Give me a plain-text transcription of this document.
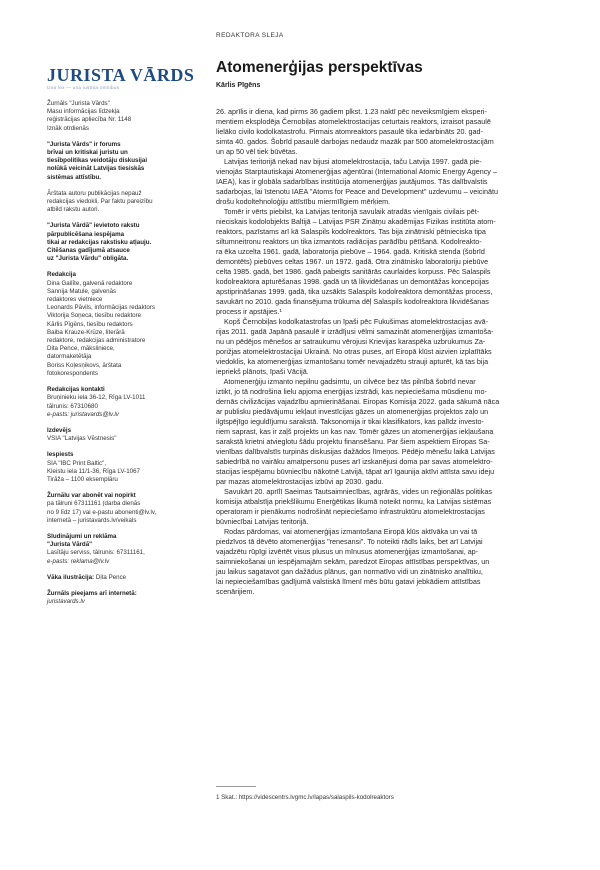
REDAKTORA SLEJA
JURISTA VĀRDS
Una lex — una iustitia omnibus
Žurnāls "Jurista Vārds"
Masu informācijas līdzekļa
reģistrācijas apliecība Nr. 1148
Iznāk otrdienās
"Jurista Vārds" ir forums
brīvai un kritiskai juristu un
tiesībpolitikas veidotāju diskusijai
nolūkā veicināt Latvijas tiesiskās
sistēmas attīstību.
Ārštata autoru publikācijas nepauž
redakcijas viedokli. Par faktu pareizību
atbild rakstu autori.
"Jurista Vārdā" ievietoto rakstu
pārpublicēšana iespējama
tikai ar redakcijas rakstisku atļauju.
Citēšanas gadījumā atsauce
uz "Jurista Vārdu" obligāta.
Redakcija
Dina Gailīte, galvenā redaktore
Sannija Matule, galvenās
redaktores vietniece
Leonards Pāvils, informācijas redaktors
Viktorija Soņeca, tiesību redaktore
Kārlis Pīgēns, tiesību redaktors
Baiba Krauze-Krūze, literārā
redaktore, redakcijas administratore
Dita Pence, māksliniece,
datormaketētāja
Boriss Koļesņikovs, ārštata
fotokorespondents
Redakcijas kontakti
Bruņinieku iela 36-12, Rīga LV-1011
tālrunis: 67310680
e-pasts: juristavards@lv.lv
Izdevējs
VSIA "Latvijas Vēstnesis"
Iespiests
SIA "IBC Print Baltic",
Kleistu iela 11/1-36, Rīga LV-1067
Tirāža – 1100 eksemplāru
Žurnālu var abonēt vai nopirkt
pa tālruni 67311161 (darba dienās
no 9 līdz 17) vai e-pastu abonenti@lv.lv,
internetā – juristavards.lv/veikals
Sludinājumi un reklāma
"Jurista Vārdā"
Lasītāju serviss, tālrunis: 67311161,
e-pasts: reklama@lv.lv
Vāka ilustrācija: Dita Pence
Žurnāls pieejams arī internetā:
juristavards.lv
Atomenerģijas perspektīvas
Kārlis Pīgēns
26. aprīlis ir diena, kad pirms 36 gadiem plkst. 1.23 naktī pēc neveiksmīgiem eksperi-
mentiem eksplodēja Černobiļas atomelektrostacijas ceturtais reaktors, izraisot pasaulē
lielāko civilo kodolkatastrofu. Pirmais atomreaktors pasaulē tika iedarbināts 20. gad-
simta 40. gados. Šobrīd pasaulē darbojas nedaudz mazāk par 500 atomelektrostacijām
un ap 50 vēl tiek būvētas.
Latvijas teritorijā nekad nav bijusi atomelektrostacija, taču Latvija 1997. gadā pie-
vienojās Starptautiskajai Atomenerģijas aģentūrai (International Atomic Energy Agency –
IAEA), kas ir globāla sadarbības institūcija atomenerģijas jautājumos. Tās dalībvalstis
sadarbojas, lai īstenotu IAEA "Atoms for Peace and Development" uzdevumu – veicinātu
drošu kodoltehnoloģiju attīstību miermīlīgiem mērķiem.
Tomēr ir vērts piebilst, ka Latvijas teritorijā savulaik atradās vienīgais civilais pēt-
nieciskais kodolobjekts Baltijā – Latvijas PSR Zinātņu akadēmijas Fizikas institūta atom-
reaktors, pazīstams arī kā Salaspils kodolreaktors. Tas bija zinātniski pētnieciska tipa
siltumneitronu reaktors un tika izmantots radiācijas parādību pētīšanā. Kodolreakto-
ra ēka uzcelta 1961. gadā, laboratorija piebūve – 1964. gadā. Kritiskā stenda (šobrīd
demontēts) piebūves celtas 1967. un 1972. gadā. Otra zinātnisko laboratoriju piebūve
celta 1985. gadā, bet 1986. gadā pabeigts sanitārās caurlaides korpuss. Pēc Salaspils
kodolreaktora apturēšanas 1998. gadā un tā likvidēšanas un demontāžas koncepcijas
apstiprināšanas 1999. gadā, tika uzsākts Salaspils kodolreaktora demontāžas process,
savukārt no 2010. gada finansējuma trūkuma dēļ Salaspils kodolreaktora likvidēšanas
process ir apstājies.¹
Kopš Černobiļas kodolkatastrofas un īpaši pēc Fukušimas atomelektrostacijas avā-
rijas 2011. gadā Japānā pasaulē ir izrādījusi vēlmi samazināt atomenerģijas izmantoša-
nu un pēdējos mēnešos ar satraukumu vērojusi Krievijas karaspēka uzbrukumus Za-
porižjas atomelektrostacijai Ukrainā. No otras puses, arī Eiropā klūst aizvien izplatītāks
viedoklis, ka atomenerģijas izmantošanu tomēr nevajadzētu strauji apturēt, kā tas bija
iepriekš plānots, īpaši Vācijā.
Atomenerģiju izmanto nepilnu gadsimtu, un cilvēce bez tās pilnībā šobrīd nevar
iztikt, jo tā nodrošina lielu apjoma enerģijas izstrādi, kas nepieciešama mūsdienu mo-
dernās civilizācijas vajadzību apmierināšanai. Eiropas Komisija 2022. gada sākumā nāca
ar publisku piedāvājumu iekļaut investīcijas gāzes un atomenerģijas projektos zaļo un
ilgtspējīgo ieguldījumu sarakstā. Taksonomija ir tikai klasifikators, kas palīdz investo-
riem saprast, kas ir zaļš projekts un kas nav. Tomēr gāzes un atomenerģijas iekļaušana
sarakstā krietni atvieglotu šādu projektu finansēšanu. Par šiem aspektiem Eiropas Sa-
vienības dalībvalstīs turpinās diskusijas dažādos līmeņos. Pēdējo mēnešu laikā Latvijas
sabiedrībā no vairāku amatpersonu puses arī izskanējusi doma par savas atomelektro-
stacijas iespējamu būvniecību nākotnē Latvijā, tāpat arī Igaunija aktīvi attīsta savu ideju
par mazas atomelektrostacijas izbūvi ap 2030. gadu.
Savukārt 20. aprīlī Saeimas Tautsaimniecības, agrārās, vides un reģionālās politikas
komisija atbalstīja priekšlikumu Enerģētikas likumā noteikt normu, ka Latvijas sistēmas
operatoram ir pienākums nodrošināt nepieciešamo infrastruktūru atomelektrostacijas
būvniecībai Latvijas teritorijā.
Rodas pārdomas, vai atomenerģijas izmantošana Eiropā klūs aktīvāka un vai tā
piedzīvos tā dēvēto atomenerģijas "renesansi". To noteikti rādīs laiks, bet arī Latvijai
vajadzētu rūpīgi izvērtēt visus plusus un mīnusus atomenerģijas izmantošanai, ap-
saimniekošanai un iespējamajām sekām, paredzot Eiropas attīstības perspektīvas, un
jau laikus sagatavot gan dažādus plānus, gan normatīvo vidi un zinātnisko analītiku,
lai nepieciešamības gadījumā valstiskā līmenī mēs būtu gatavi jebkādiem attīstības
scenārijiem.
1 Skat.: https://videscentrs.lvgmc.lv/lapas/salaspils-kodolreaktors
